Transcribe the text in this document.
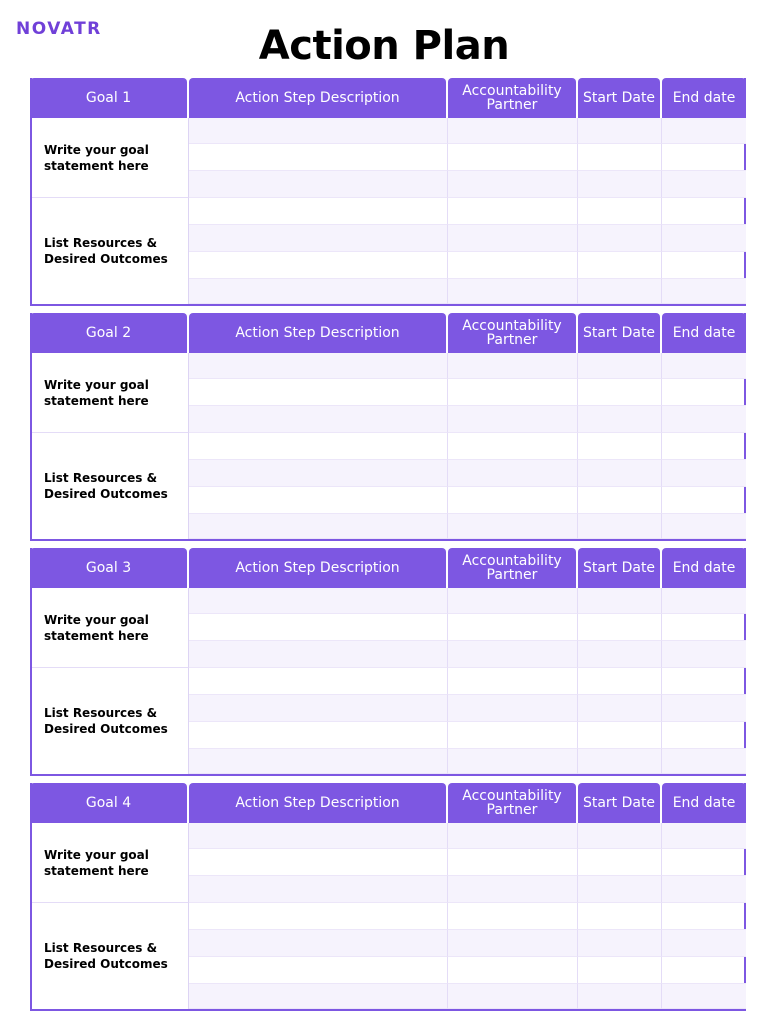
NOVATR	Action Plan
Goal 1	Action Step Description	Accountability Partner	Start Date	End date
Write your goal statement here
List Resources & Desired Outcomes
Goal 2	Action Step Description	Accountability Partner	Start Date	End date
Write your goal statement here
List Resources & Desired Outcomes
Goal 3	Action Step Description	Accountability Partner	Start Date	End date
Write your goal statement here
List Resources & Desired Outcomes
Goal 4	Action Step Description	Accountability Partner	Start Date	End date
Write your goal statement here
List Resources & Desired Outcomes
